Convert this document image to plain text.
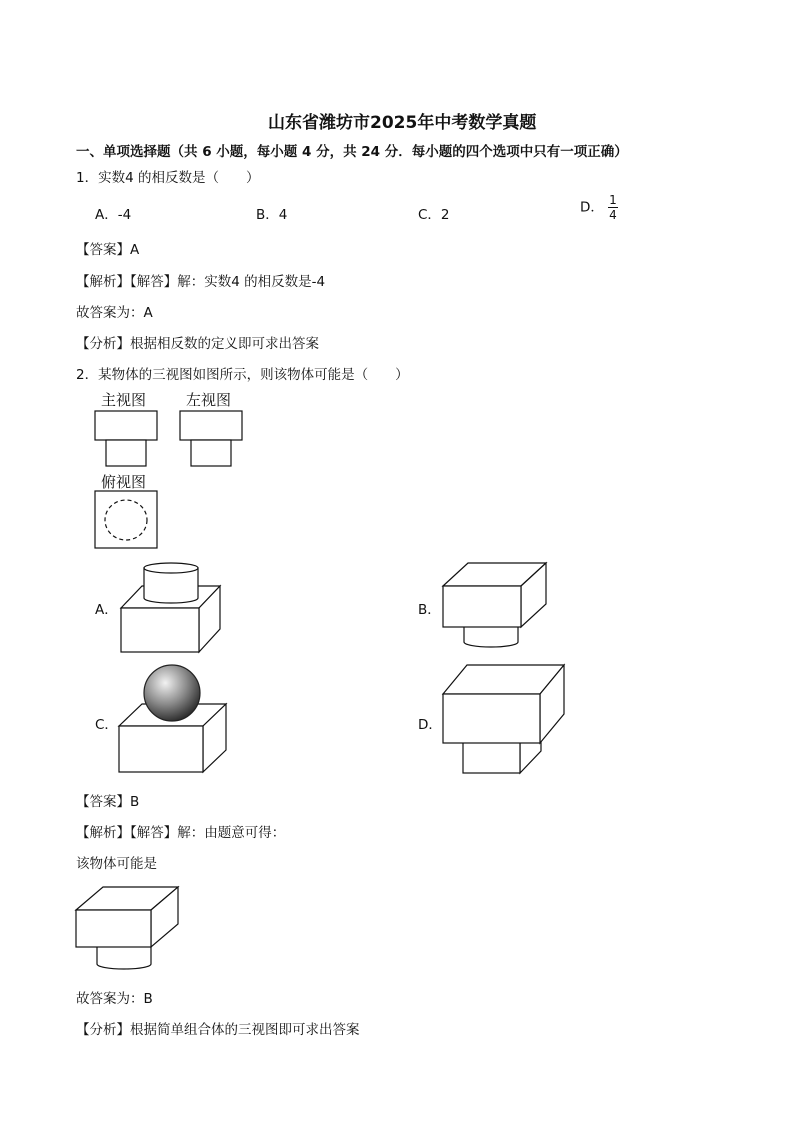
山东省潍坊市2025年中考数学真题
一、单项选择题（共 6 小题，每小题 4 分，共 24 分．每小题的四个选项中只有一项正确）
1．实数4 的相反数是（　　）
A．-4	B．4	C．2	D． $\frac{1}{4}$
【答案】A
【解析】【解答】解：实数4 的相反数是-4
故答案为：A
【分析】根据相反数的定义即可求出答案
2．某物体的三视图如图所示，则该物体可能是（　　）
主视图	左视图
俯视图
A．	B．
C．	D．
【答案】B
【解析】【解答】解：由题意可得：
该物体可能是
故答案为：B
【分析】根据简单组合体的三视图即可求出答案
